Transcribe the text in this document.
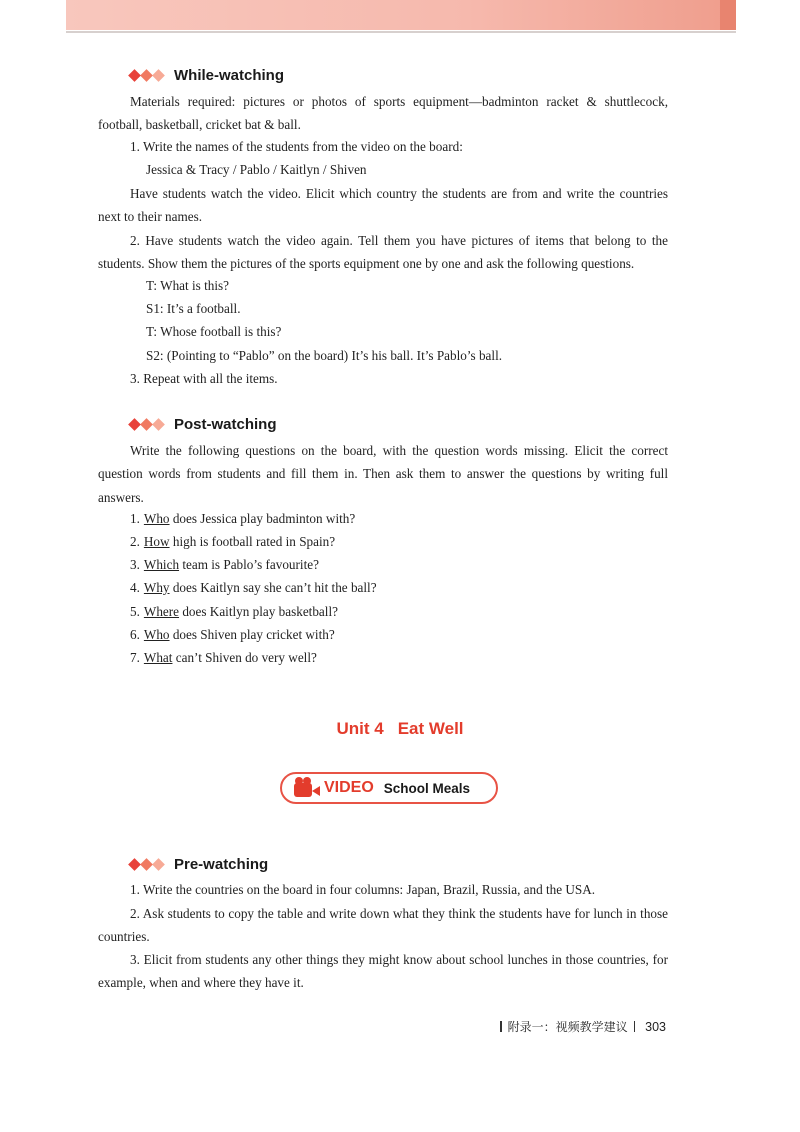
While-watching
Materials required: pictures or photos of sports equipment—badminton racket & shuttlecock, football, basketball, cricket bat & ball.
1. Write the names of the students from the video on the board:
Jessica & Tracy / Pablo / Kaitlyn / Shiven
Have students watch the video. Elicit which country the students are from and write the countries next to their names.
2. Have students watch the video again. Tell them you have pictures of items that belong to the students. Show them the pictures of the sports equipment one by one and ask the following questions.
T: What is this?
S1: It’s a football.
T: Whose football is this?
S2: (Pointing to “Pablo” on the board) It’s his ball. It’s Pablo’s ball.
3. Repeat with all the items.
Post-watching
Write the following questions on the board, with the question words missing. Elicit the correct question words from students and fill them in. Then ask them to answer the questions by writing full answers.
1. Who does Jessica play badminton with?
2. How high is football rated in Spain?
3. Which team is Pablo’s favourite?
4. Why does Kaitlyn say she can’t hit the ball?
5. Where does Kaitlyn play basketball?
6. Who does Shiven play cricket with?
7. What can’t Shiven do very well?
Unit 4 Eat Well
VIDEO School Meals
Pre-watching
1. Write the countries on the board in four columns: Japan, Brazil, Russia, and the USA.
2. Ask students to copy the table and write down what they think the students have for lunch in those countries.
3. Elicit from students any other things they might know about school lunches in those countries, for example, when and where they have it.
附录一：视频教学建议 303
